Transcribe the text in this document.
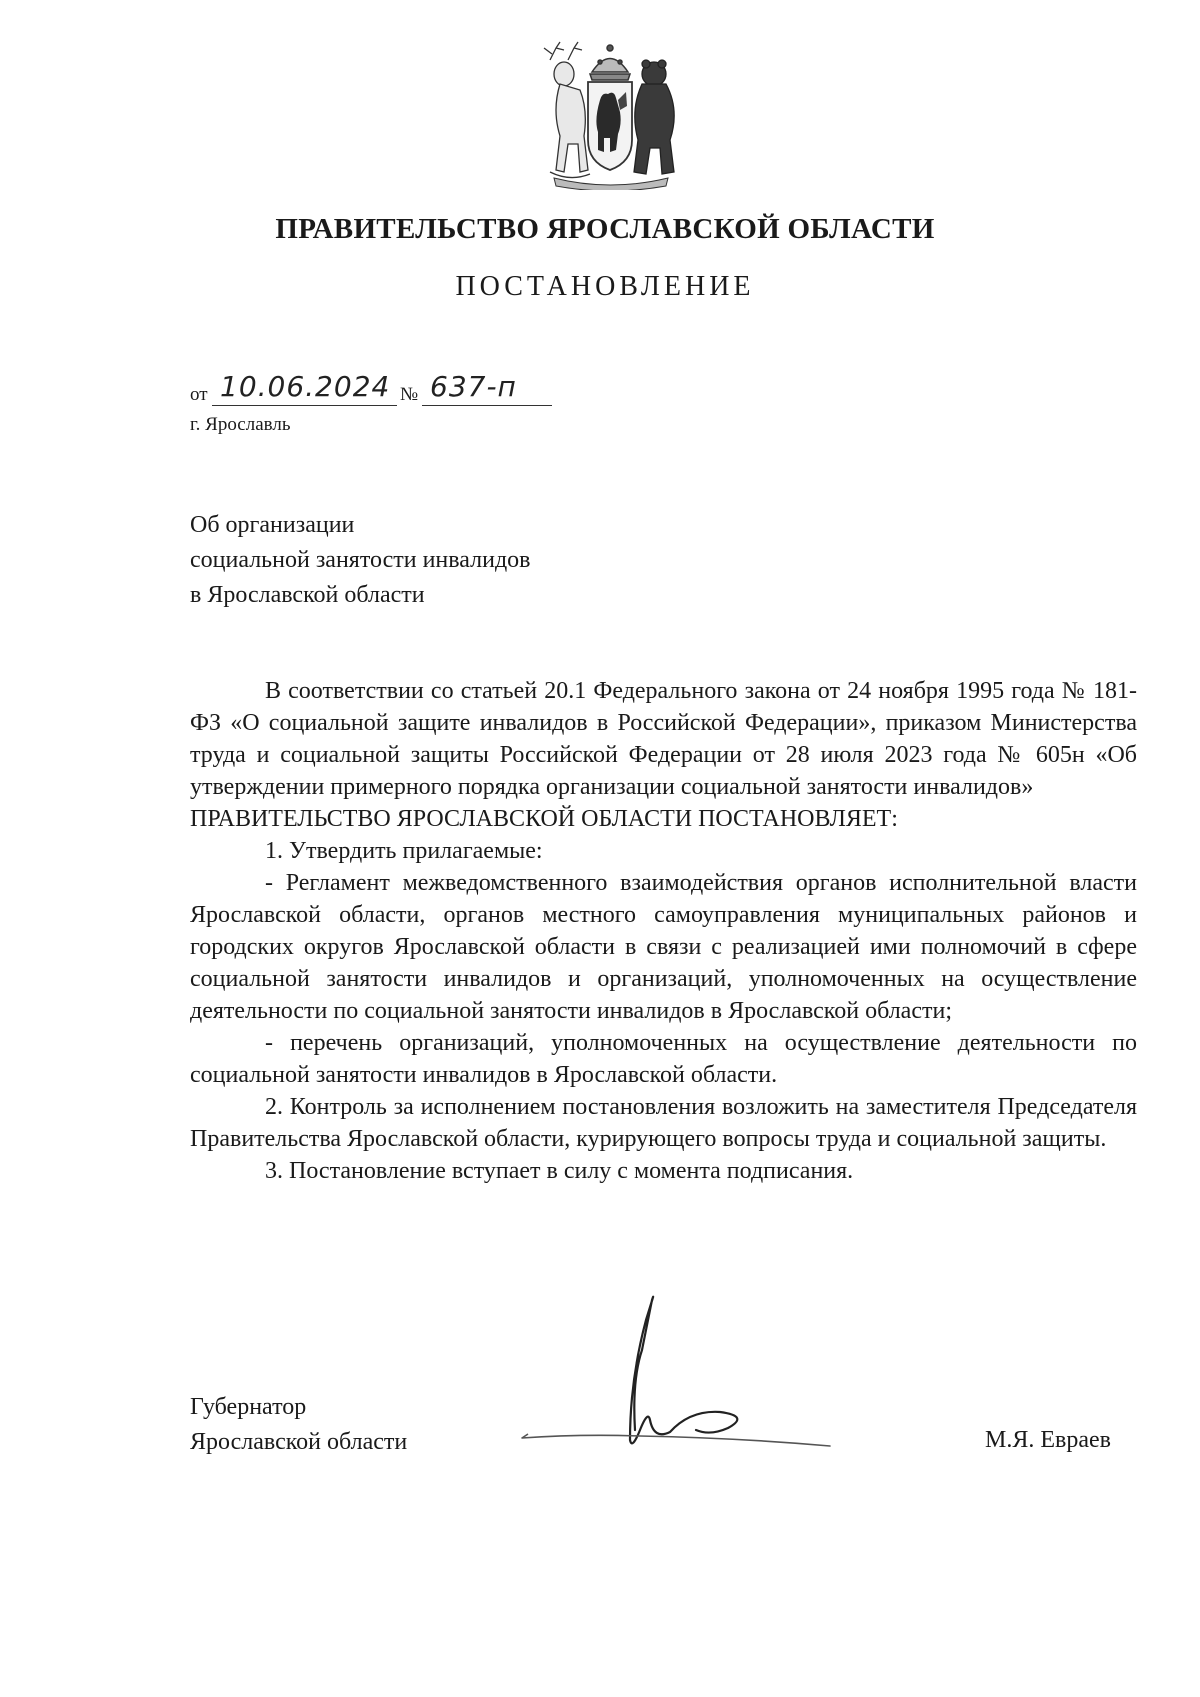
ПРАВИТЕЛЬСТВО ЯРОСЛАВСКОЙ ОБЛАСТИ
ПОСТАНОВЛЕНИЕ
от 10.06.2024 № 637-п
г. Ярославль
Об организации
социальной занятости инвалидов
в Ярославской области

В соответствии со статьей 20.1 Федерального закона от 24 ноября 1995 года № 181-ФЗ «О социальной защите инвалидов в Российской Федерации», приказом Министерства труда и социальной защиты Российской Федерации от 28 июля 2023 года № 605н «Об утверждении примерного порядка организации социальной занятости инвалидов»

ПРАВИТЕЛЬСТВО ЯРОСЛАВСКОЙ ОБЛАСТИ ПОСТАНОВЛЯЕТ:

1. Утвердить прилагаемые:

- Регламент межведомственного взаимодействия органов исполнительной власти Ярославской области, органов местного самоуправления муниципальных районов и городских округов Ярославской области в связи с реализацией ими полномочий в сфере социальной занятости инвалидов и организаций, уполномоченных на осуществление деятельности по социальной занятости инвалидов в Ярославской области;

- перечень организаций, уполномоченных на осуществление деятельности по социальной занятости инвалидов в Ярославской области.

2. Контроль за исполнением постановления возложить на заместителя Председателя Правительства Ярославской области, курирующего вопросы труда и социальной защиты.

3. Постановление вступает в силу с момента подписания.

Губернатор
Ярославской области	М.Я. Евраев
